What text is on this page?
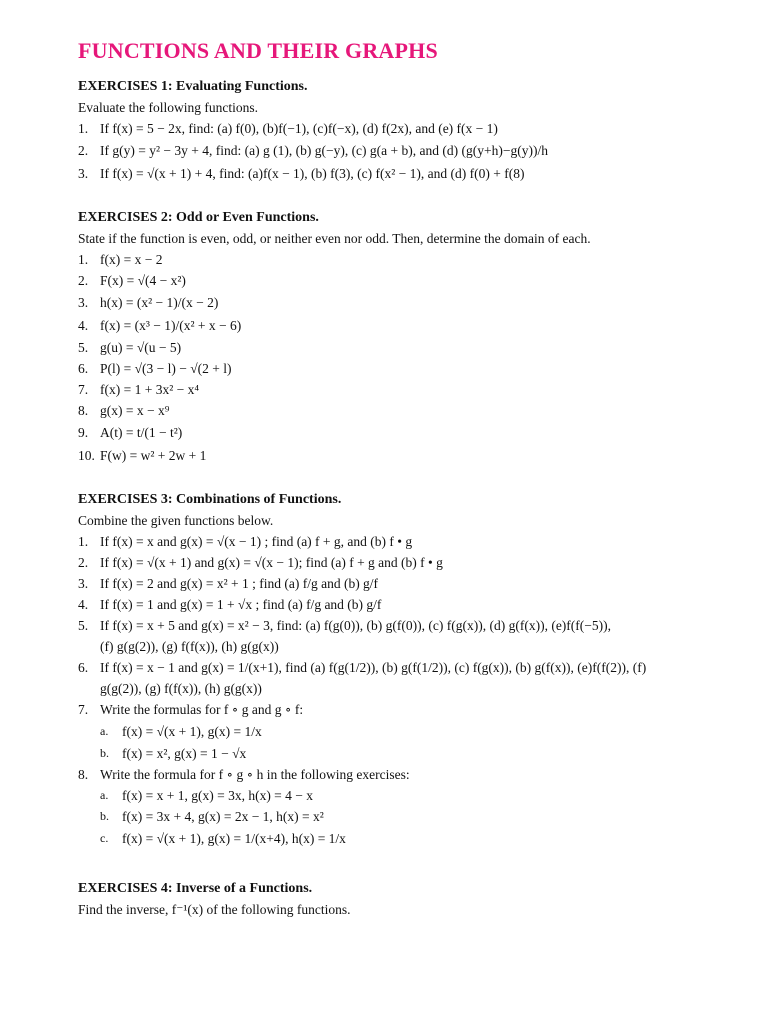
FUNCTIONS AND THEIR GRAPHS
EXERCISES 1: Evaluating Functions.
Evaluate the following functions.
1. If f(x) = 5 − 2x, find: (a) f(0), (b)f(−1), (c)f(−x), (d) f(2x), and (e) f(x − 1)
2. If g(y) = y² − 3y + 4, find: (a) g (1), (b) g(−y), (c) g(a + b), and (d) (g(y+h)−g(y))/h
3. If f(x) = √(x + 1) + 4, find: (a)f(x − 1), (b) f(3), (c) f(x² − 1), and (d) f(0) + f(8)
EXERCISES 2: Odd or Even Functions.
State if the function is even, odd, or neither even nor odd. Then, determine the domain of each.
1. f(x) = x − 2
2. F(x) = √(4 − x²)
3. h(x) = (x² − 1)/(x − 2)
4. f(x) = (x³ − 1)/(x² + x − 6)
5. g(u) = √(u − 5)
6. P(l) = √(3 − l) − √(2 + l)
7. f(x) = 1 + 3x² − x⁴
8. g(x) = x − x⁹
9. A(t) = t/(1 − t²)
10. F(w) = w² + 2w + 1
EXERCISES 3: Combinations of Functions.
Combine the given functions below.
1. If f(x) = x and g(x) = √(x − 1) ; find (a) f + g, and (b) f • g
2. If f(x) = √(x + 1) and g(x) = √(x − 1); find (a) f + g and (b) f • g
3. If f(x) = 2 and g(x) = x² + 1 ; find (a) f/g and (b) g/f
4. If f(x) = 1 and g(x) = 1 + √x ; find (a) f/g and (b) g/f
5. If f(x) = x + 5 and g(x) = x² − 3, find: (a) f(g(0)), (b) g(f(0)), (c) f(g(x)), (d) g(f(x)), (e)f(f(−5)),
(f) g(g(2)), (g) f(f(x)), (h) g(g(x))
6. If f(x) = x − 1 and g(x) = 1/(x+1), find (a) f(g(1/2)), (b) g(f(1/2)), (c) f(g(x)), (b) g(f(x)), (e)f(f(2)), (f)
g(g(2)), (g) f(f(x)), (h) g(g(x))
7. Write the formulas for f ∘ g and g ∘ f:
a. f(x) = √(x + 1), g(x) = 1/x
b. f(x) = x², g(x) = 1 − √x
8. Write the formula for f ∘ g ∘ h in the following exercises:
a. f(x) = x + 1, g(x) = 3x, h(x) = 4 − x
b. f(x) = 3x + 4, g(x) = 2x − 1, h(x) = x²
c. f(x) = √(x + 1), g(x) = 1/(x+4), h(x) = 1/x
EXERCISES 4: Inverse of a Functions.
Find the inverse, f⁻¹(x) of the following functions.
